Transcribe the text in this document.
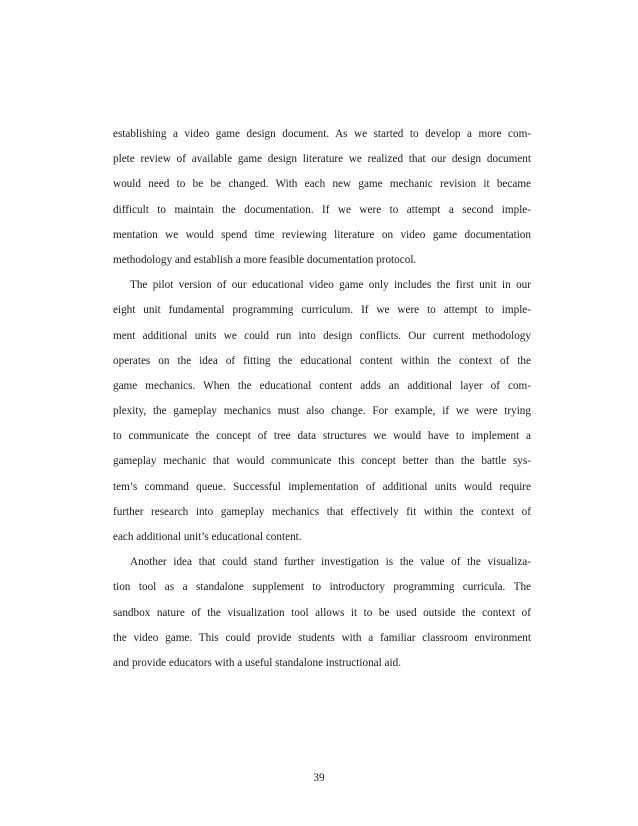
establishing a video game design document. As we started to develop a more com-
plete review of available game design literature we realized that our design document
would need to be be changed. With each new game mechanic revision it became
difficult to maintain the documentation. If we were to attempt a second imple-
mentation we would spend time reviewing literature on video game documentation
methodology and establish a more feasible documentation protocol.
The pilot version of our educational video game only includes the first unit in our
eight unit fundamental programming curriculum. If we were to attempt to imple-
ment additional units we could run into design conflicts. Our current methodology
operates on the idea of fitting the educational content within the context of the
game mechanics. When the educational content adds an additional layer of com-
plexity, the gameplay mechanics must also change. For example, if we were trying
to communicate the concept of tree data structures we would have to implement a
gameplay mechanic that would communicate this concept better than the battle sys-
tem’s command queue. Successful implementation of additional units would require
further research into gameplay mechanics that effectively fit within the context of
each additional unit’s educational content.
Another idea that could stand further investigation is the value of the visualiza-
tion tool as a standalone supplement to introductory programming curricula. The
sandbox nature of the visualization tool allows it to be used outside the context of
the video game. This could provide students with a familiar classroom environment
and provide educators with a useful standalone instructional aid.
39
